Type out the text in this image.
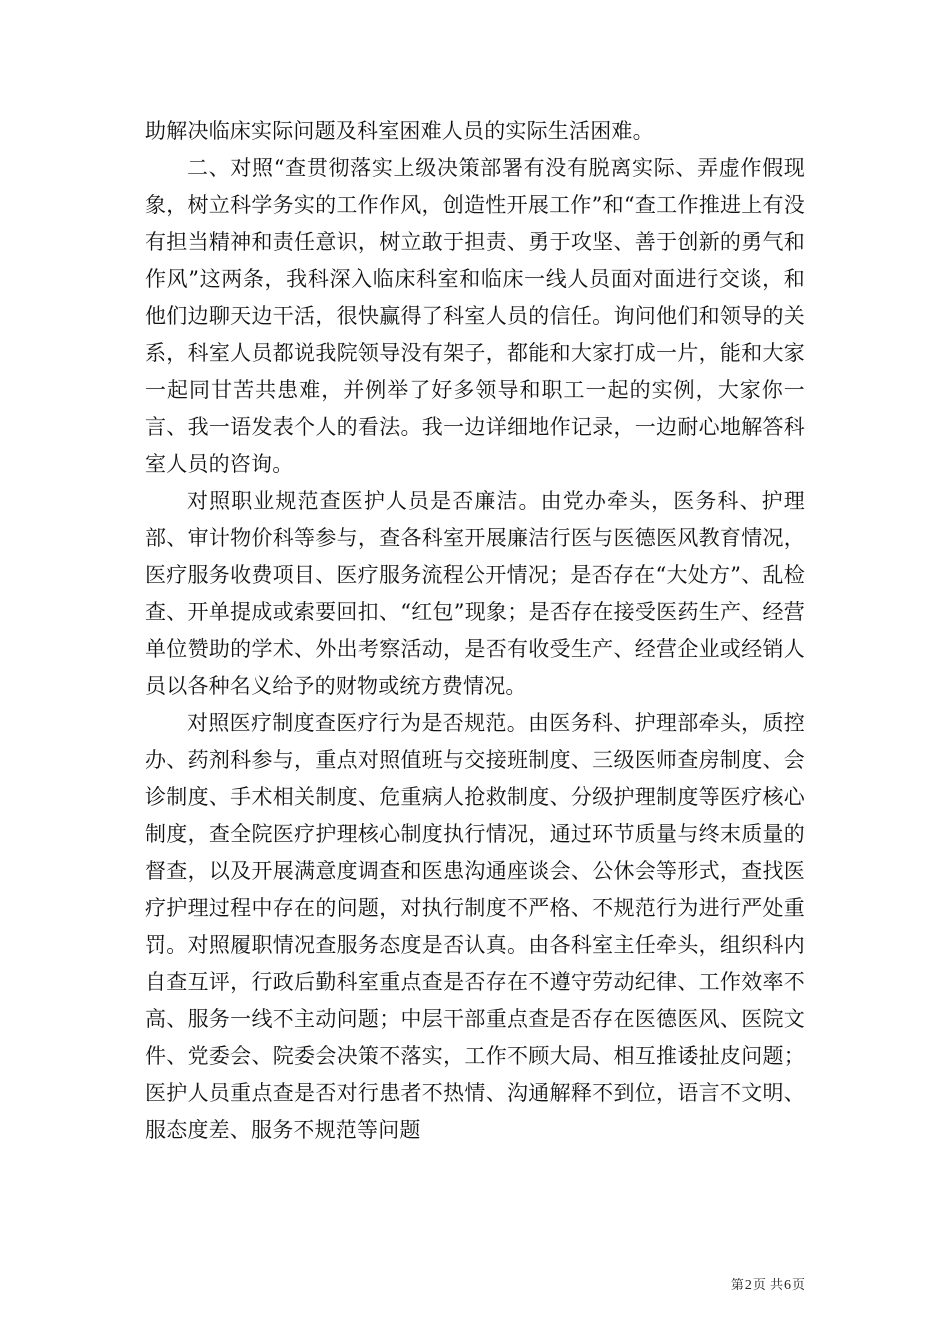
助解决临床实际问题及科室困难人员的实际生活困难。

二、对照“查贯彻落实上级决策部署有没有脱离实际、弄虚作假现象，树立科学务实的工作作风，创造性开展工作”和“查工作推进上有没有担当精神和责任意识，树立敢于担责、勇于攻坚、善于创新的勇气和作风”这两条，我科深入临床科室和临床一线人员面对面进行交谈，和他们边聊天边干活，很快赢得了科室人员的信任。询问他们和领导的关系，科室人员都说我院领导没有架子，都能和大家打成一片，能和大家一起同甘苦共患难，并例举了好多领导和职工一起的实例，大家你一言、我一语发表个人的看法。我一边详细地作记录，一边耐心地解答科室人员的咨询。

对照职业规范查医护人员是否廉洁。由党办牵头，医务科、护理部、审计物价科等参与，查各科室开展廉洁行医与医德医风教育情况，医疗服务收费项目、医疗服务流程公开情况；是否存在“大处方”、乱检查、开单提成或索要回扣、“红包”现象；是否存在接受医药生产、经营单位赞助的学术、外出考察活动，是否有收受生产、经营企业或经销人员以各种名义给予的财物或统方费情况。

对照医疗制度查医疗行为是否规范。由医务科、护理部牵头，质控办、药剂科参与，重点对照值班与交接班制度、三级医师查房制度、会诊制度、手术相关制度、危重病人抢救制度、分级护理制度等医疗核心制度，查全院医疗护理核心制度执行情况，通过环节质量与终末质量的督查，以及开展满意度调查和医患沟通座谈会、公休会等形式，查找医疗护理过程中存在的问题，对执行制度不严格、不规范行为进行严处重罚。对照履职情况查服务态度是否认真。由各科室主任牵头，组织科内自查互评，行政后勤科室重点查是否存在不遵守劳动纪律、工作效率不高、服务一线不主动问题；中层干部重点查是否存在医德医风、医院文件、党委会、院委会决策不落实，工作不顾大局、相互推诿扯皮问题；医护人员重点查是否对行患者不热情、沟通解释不到位，语言不文明、服态度差、服务不规范等问题

第2页 共6页
